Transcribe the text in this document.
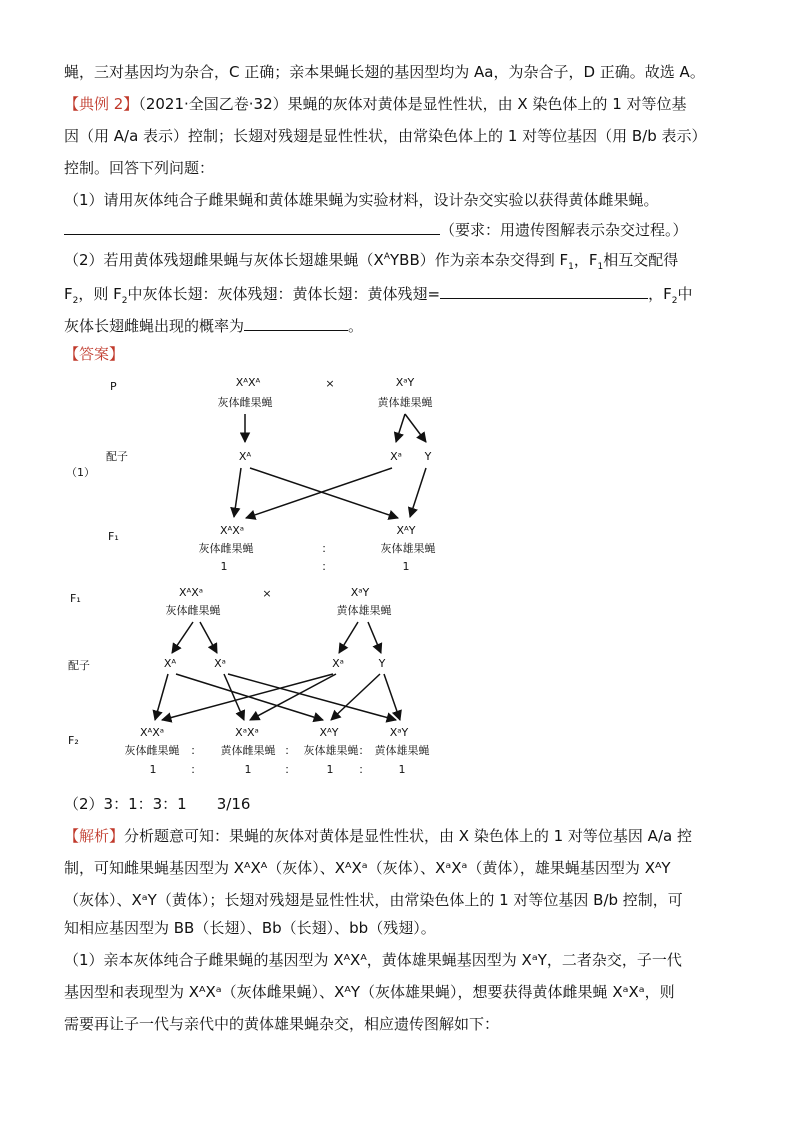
蝇，三对基因均为杂合，C 正确；亲本果蝇长翅的基因型均为 Aa，为杂合子，D 正确。故选 A。
【典例 2】（2021·全国乙卷·32）果蝇的灰体对黄体是显性性状，由 X 染色体上的 1 对等位基
因（用 A/a 表示）控制；长翅对残翅是显性性状，由常染色体上的 1 对等位基因（用 B/b 表示）
控制。回答下列问题：
（1）请用灰体纯合子雌果蝇和黄体雄果蝇为实验材料，设计杂交实验以获得黄体雌果蝇。
（要求：用遗传图解表示杂交过程。）
（2）若用黄体残翅雌果蝇与灰体长翅雄果蝇$(X^AYBB)$作为亲本杂交得到 $F_1$，$F_1$相互交配得
$F_2$，则 $F_2$中灰体长翅：灰体残翅：黄体长翅：黄体残翅=	，$F_2$中
灰体长翅雌蝇出现的概率为	。
【答案】
P	XᴬXᴬ
灰体雌果蝇
×	XᵃY
黄体雄果蝇
配子
（1）
Xᴬ	Xᵃ Y
F₁	XᴬXᵃ
灰体雌果蝇	：
XᴬY
灰体雄果蝇
1	：	1
F₁	XᴬXᵃ
灰体雌果蝇
×	XᵃY
黄体雄果蝇
配子	Xᴬ	Xᵃ	Xᵃ	Y
F₂
XᴬXᵃ	XᵃXᵃ	XᴬY	XᵃY
灰体雌果蝇 ： 黄体雌果蝇 ： 灰体雄果蝇 ： 黄体雄果蝇
1	：	1	：	1 ：	1
（2）3：1：3：1　　3/16
【解析】分析题意可知：果蝇的灰体对黄体是显性性状，由 X 染色体上的 1 对等位基因 A/a 控
制，可知雌果蝇基因型为 XᴬXᴬ（灰体）、XᴬXᵃ（灰体）、XᵃXᵃ（黄体），雄果蝇基因型为 XᴬY
（灰体）、XᵃY（黄体）；长翅对残翅是显性性状，由常染色体上的 1 对等位基因 B/b 控制，可
知相应基因型为 BB（长翅）、Bb（长翅）、bb（残翅）。
（1）亲本灰体纯合子雌果蝇的基因型为 XᴬXᴬ，黄体雄果蝇基因型为 XᵃY，二者杂交，子一代
基因型和表现型为 XᴬXᵃ（灰体雌果蝇）、XᴬY（灰体雄果蝇），想要获得黄体雌果蝇 XᵃXᵃ，则
需要再让子一代与亲代中的黄体雄果蝇杂交，相应遗传图解如下：
